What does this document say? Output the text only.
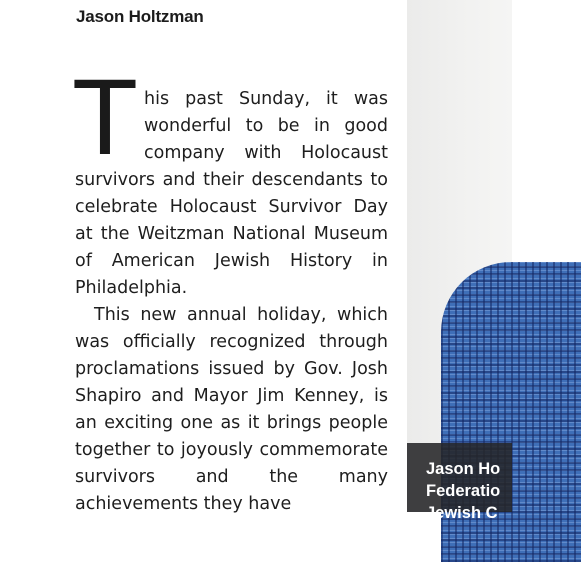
Jason Holtzman

This past Sunday, it was wonderful to be in good company with Holocaust survivors and their descendants to celebrate Holocaust Survivor Day at the Weitzman National Museum of American Jewish History in Philadelphia.

This new annual holiday, which was officially recognized through proclamations issued by Gov. Josh Shapiro and Mayor Jim Kenney, is an exciting one as it brings people together to joyously commemorate survivors and the many achievements they have

Jason Ho
Federatio
Jewish C
